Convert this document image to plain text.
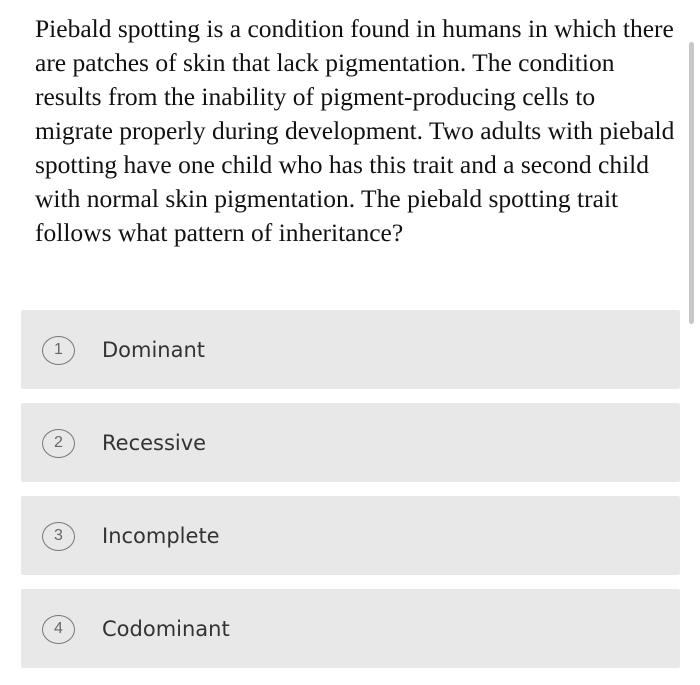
Piebald spotting is a condition found in humans in which there are patches of skin that lack pigmentation. The condition results from the inability of pigment-producing cells to migrate properly during development. Two adults with piebald spotting have one child who has this trait and a second child with normal skin pigmentation. The piebald spotting trait follows what pattern of inheritance?

1	Dominant
2	Recessive
3	Incomplete
4	Codominant
